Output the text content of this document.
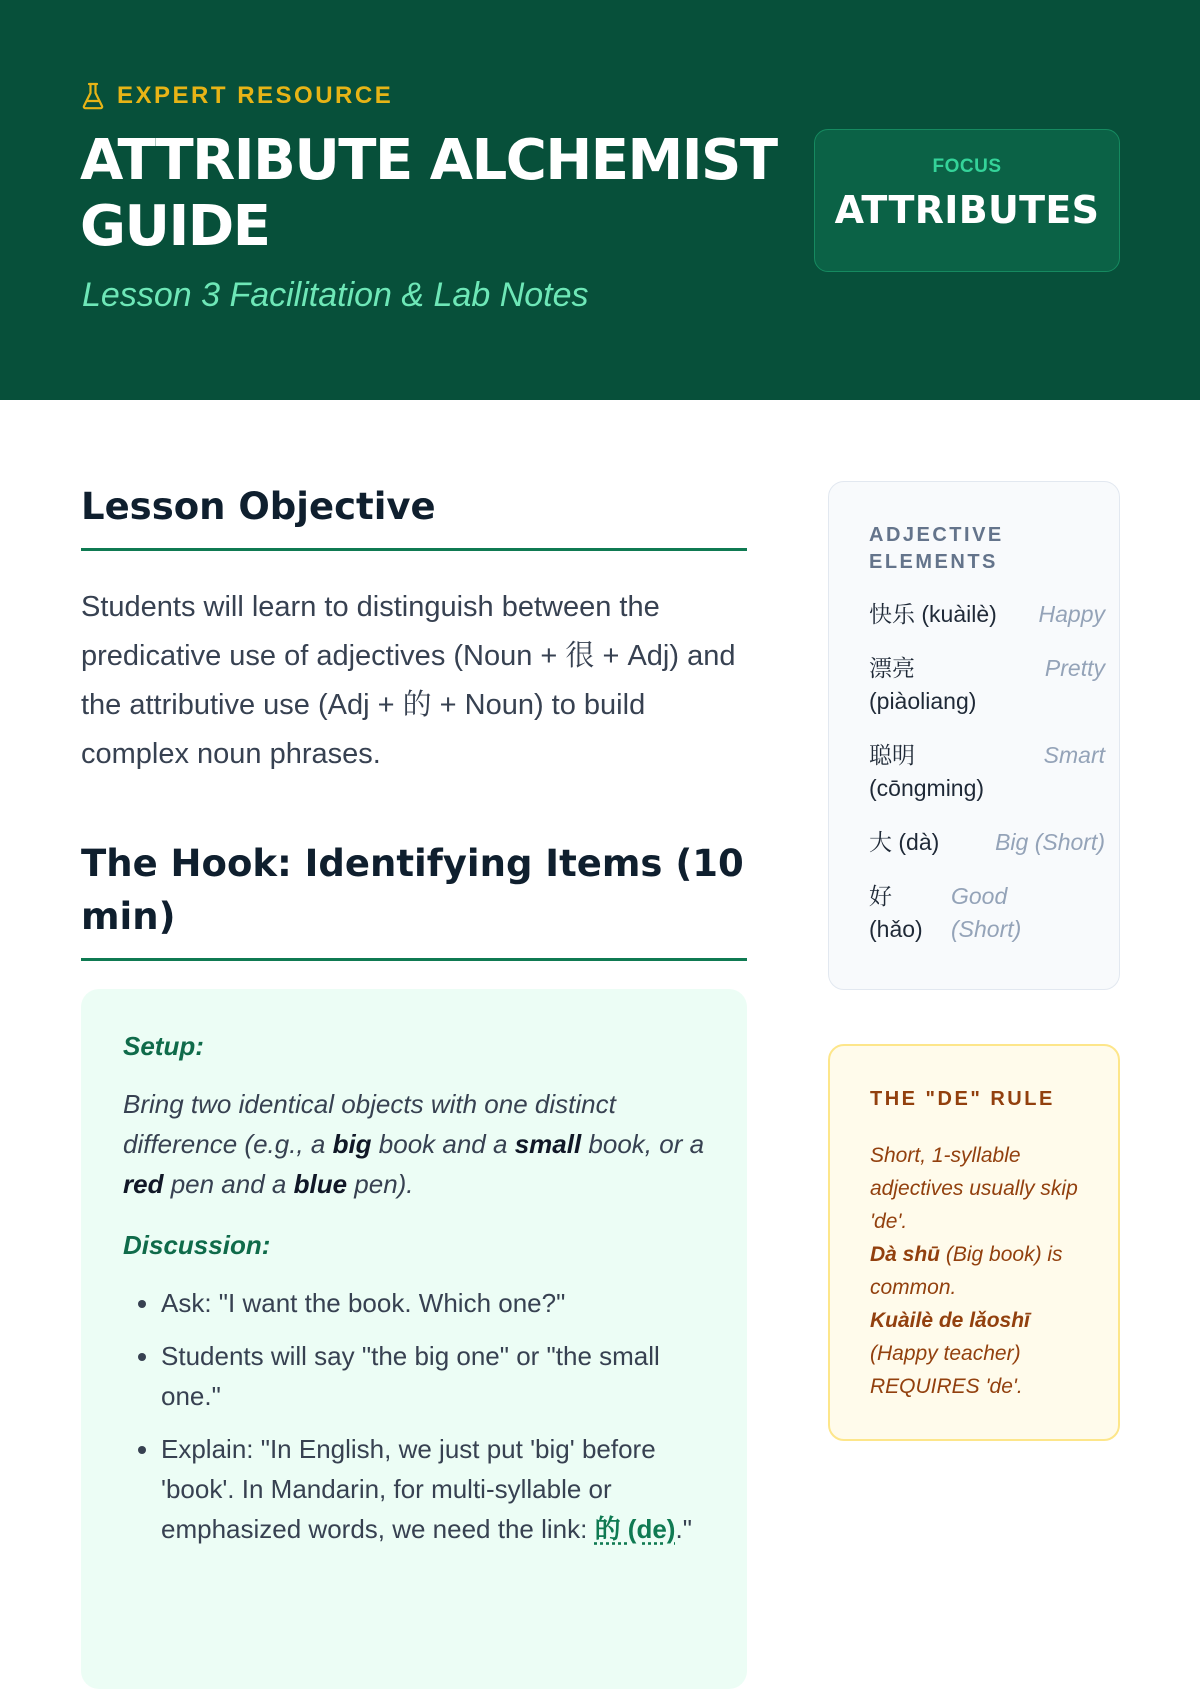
EXPERT RESOURCE
ATTRIBUTE ALCHEMIST
GUIDE
Lesson 3 Facilitation & Lab Notes
FOCUS
ATTRIBUTES
Lesson Objective

Students will learn to distinguish between the predicative use of adjectives (Noun + 很 + Adj) and the attributive use (Adj + 的 + Noun) to build complex noun phrases.

The Hook: Identifying Items (10 min)
Setup:

Bring two identical objects with one distinct difference (e.g., a big book and a small book, or a red pen and a blue pen).

Discussion:
• Ask: "I want the book. Which one?"
• Students will say "the big one" or "the small one."
• Explain: "In English, we just put 'big' before 'book'. In Mandarin, for multi-syllable or emphasized words, we need the link: 的 (de)."
ADJECTIVE ELEMENTS
快乐 (kuàilè) Happy
漂亮 (piàoliang)
Pretty
聪明 (cōngming)
Smart
大 (dà) Big (Short)
好 (hǎo)
Good (Short)
THE "DE" RULE

Short, 1-syllable adjectives usually skip 'de'.
Dà shū (Big book) is common.
Kuàilè de lǎoshī (Happy teacher) REQUIRES 'de'.
